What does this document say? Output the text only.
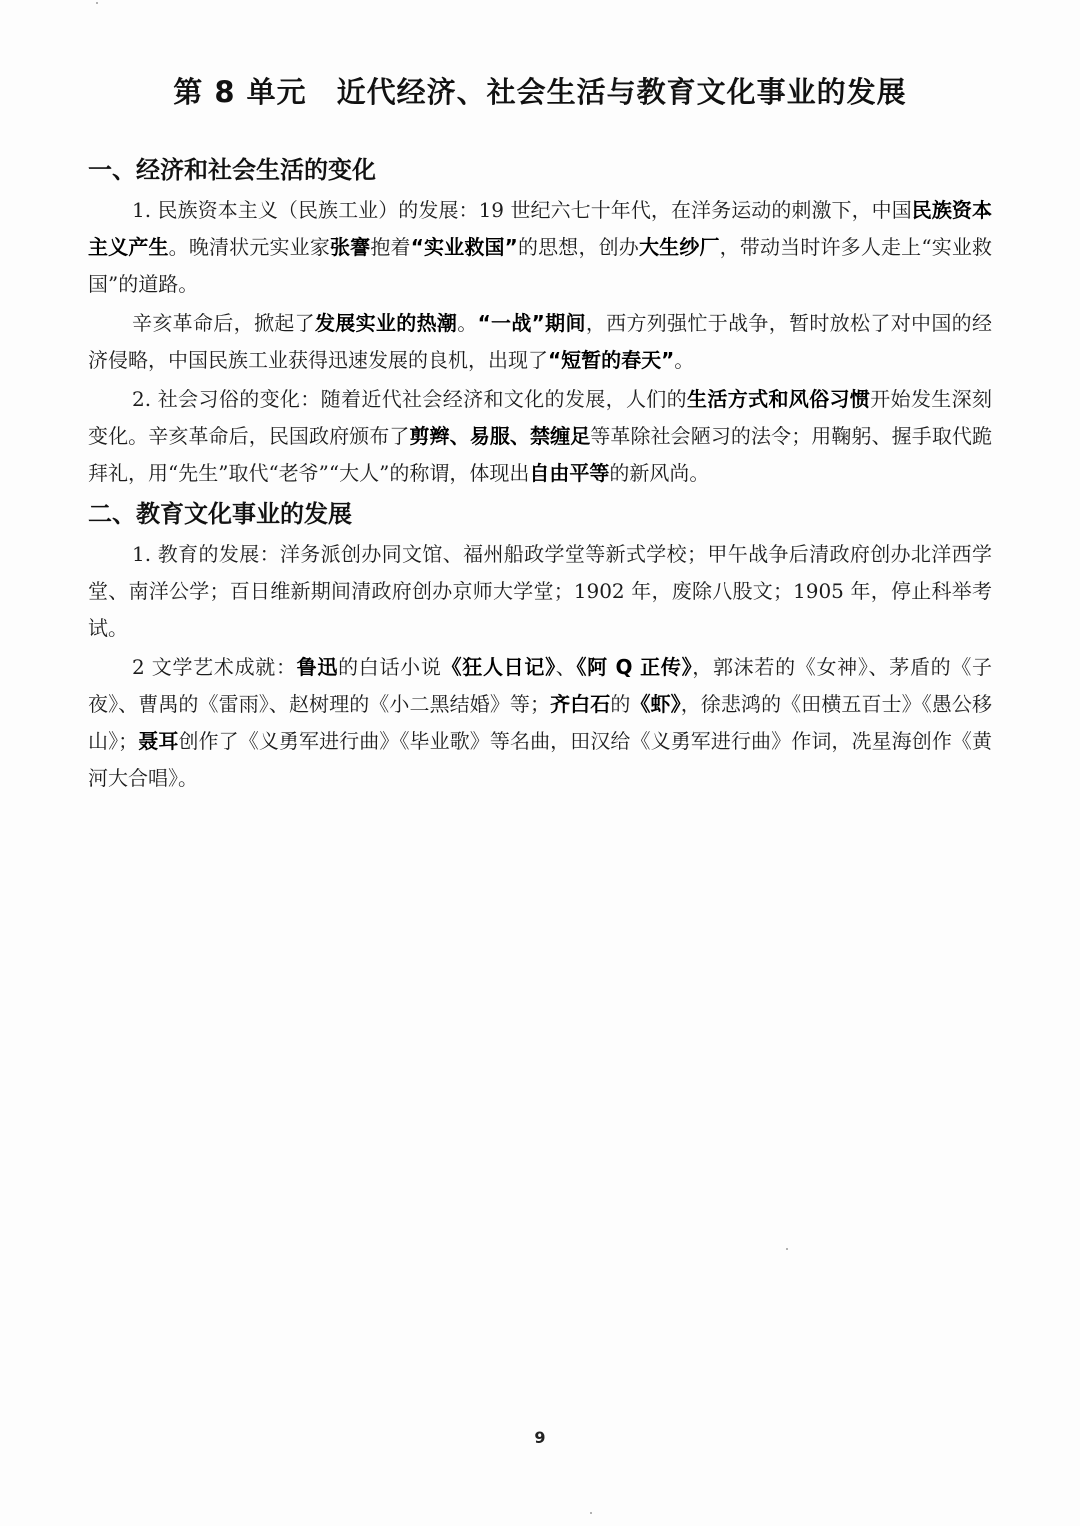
第 8 单元 近代经济、社会生活与教育文化事业的发展
一、经济和社会生活的变化
1. 民族资本主义（民族工业）的发展：19 世纪六七十年代，在洋务运动的刺激下，中国民族资本主义产生。晚清状元实业家张謇抱着“实业救国”的思想，创办大生纱厂，带动当时许多人走上“实业救国”的道路。
辛亥革命后，掀起了发展实业的热潮。“一战”期间，西方列强忙于战争，暂时放松了对中国的经济侵略，中国民族工业获得迅速发展的良机，出现了“短暂的春天”。
2. 社会习俗的变化：随着近代社会经济和文化的发展，人们的生活方式和风俗习惯开始发生深刻变化。辛亥革命后，民国政府颁布了剪辫、易服、禁缠足等革除社会陋习的法令；用鞠躬、握手取代跪拜礼，用“先生”取代“老爷”“大人”的称谓，体现出自由平等的新风尚。
二、教育文化事业的发展
1. 教育的发展：洋务派创办同文馆、福州船政学堂等新式学校；甲午战争后清政府创办北洋西学堂、南洋公学；百日维新期间清政府创办京师大学堂；1902 年，废除八股文；1905 年，停止科举考试。
2 文学艺术成就：鲁迅的白话小说《狂人日记》、《阿 Q 正传》，郭沫若的《女神》、茅盾的《子夜》、曹禺的《雷雨》、赵树理的《小二黑结婚》等；齐白石的《虾》，徐悲鸿的《田横五百士》《愚公移山》；聂耳创作了《义勇军进行曲》《毕业歌》等名曲，田汉给《义勇军进行曲》作词，冼星海创作《黄河大合唱》。
9
